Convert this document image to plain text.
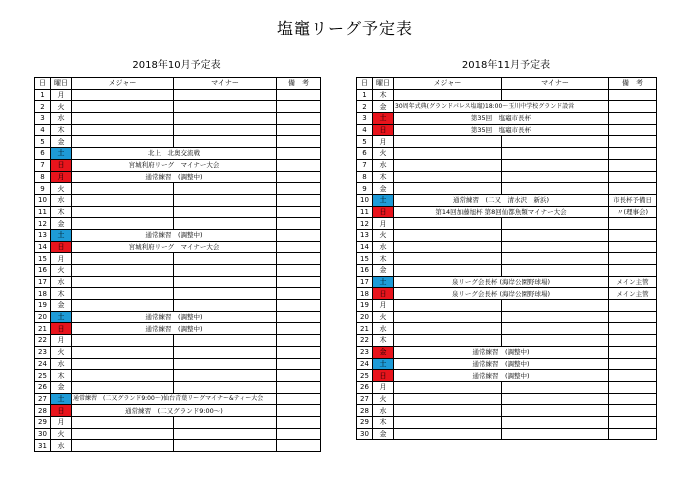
塩竈リーグ予定表
2018年10月予定表	2018年11月予定表
日	曜日	メジャー	マイナー	備　考
1	月			
2	火			
3	水			
4	木			
5	金			
6	土	北上　北奥交流戦		
7	日	宮城利府リーグ　マイナー大会		
8	月	通常練習　(調整中)		
9	火			
10	水			
11	木			
12	金			
13	土	通常練習　(調整中)		
14	日	宮城利府リーグ　マイナー大会		
15	月			
16	火			
17	水			
18	木			
19	金			
20	土	通常練習　(調整中)		
21	日	通常練習　(調整中)		
22	月			
23	火			
24	水			
25	木			
26	金			
27	土	通常練習　(二又グランド9:00〜)仙台青葉リーグマイナー&ティー大会		
28	日	通常練習　(二又グランド9:00〜)		
29	月			
30	火			
31	水			
日	曜日	メジャー	マイナー	備　考
1	木			
2	金	30周年式典(グランドパレス塩竈)18:00〜玉川中学校グランド設営		
3	土	第35回　塩竈市長杯		
4	日	第35回　塩竈市長杯		
5	月			
6	火			
7	水			
8	木			
9	金			
10	土	通常練習　(二又　清水沢　新浜)		市長杯予備日
11	日	第14回加藤旭杯 第8回仙都魚類マイナー大会		〃(理事会)
12	月			
13	火			
14	水			
15	木			
16	金			
17	土	泉リーグ会長杯 (海岸公園野球場)		メイン主管
18	日	泉リーグ会長杯 (海岸公園野球場)		メイン主管
19	月			
20	火			
21	水			
22	木			
23	金	通常練習　(調整中)		
24	土	通常練習　(調整中)		
25	日	通常練習　(調整中)		
26	月			
27	火			
28	水			
29	木			
30	金			
